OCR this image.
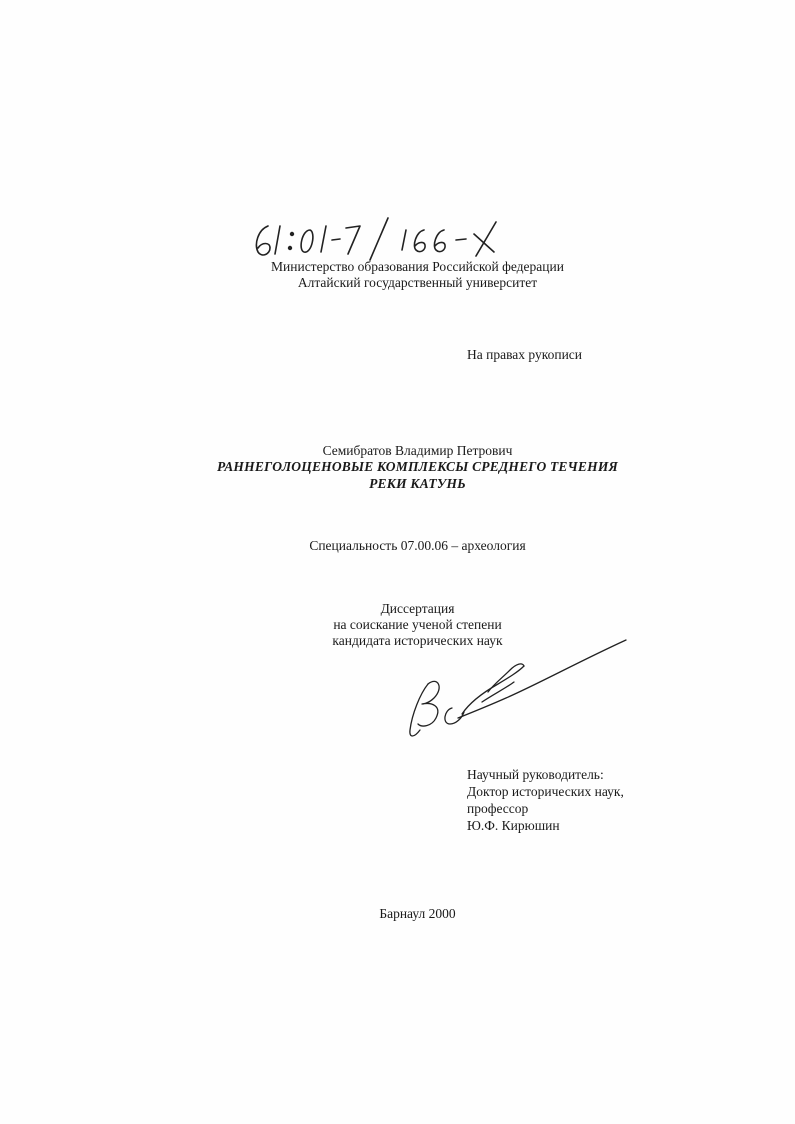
Министерство образования Российской федерации
Алтайский государственный университет
На правах рукописи
Семибратов Владимир Петрович
РАННЕГОЛОЦЕНОВЫЕ КОМПЛЕКСЫ СРЕДНЕГО ТЕЧЕНИЯ
РЕКИ КАТУНЬ
Специальность 07.00.06 – археология
Диссертация
на соискание ученой степени
кандидата исторических наук
Научный руководитель:
Доктор исторических наук,
профессор
Ю.Ф. Кирюшин
Барнаул 2000
